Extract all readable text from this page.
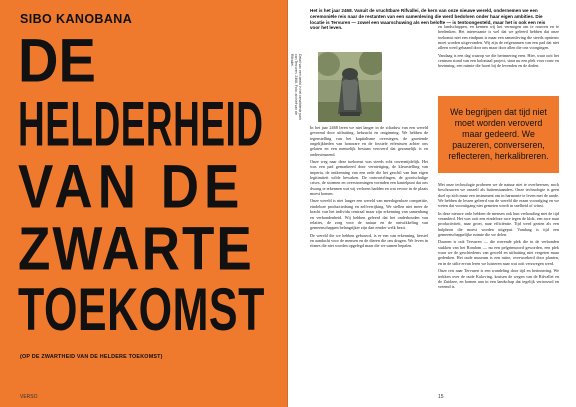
SIBO KANOBANA
DE
HELDERHEID
VAN DE
ZWARTE
TOEKOMST
(OP DE ZWARTHEID VAN DE HELDERE TOEKOMST)
VERSO
Het is het jaar 2468. Vanuit de vruchtbare Rifvallei, de kern van onze nieuwe wereld, ondernemen we een ceremoniële reis naar de restanten van een samenleving die werd bedolven onder haar eigen ambities. Die locatie is Tervuren — zowel een waarschuwing als een belofte — is tentoongesteld, maar het is ook een reis voor het leven.
Detail van een beeld in het verwilderde park van Tervuren, 2468. Foto: archief van de Rifvallei.

In het jaar 2468 leren we niet langer in de schaduw van een wereld gevormd door uitbuiting, hebzucht en ontginning. We hebben de tegenstelling van het kapitalisme overstegen, de groeiende ongelijkheden van honorare en de fossiele erfenissen achter ons gelaten en een menselijk bestaan veroverd dat gezamelijk is en ondersteunend.

Onze weg naar deze toekomst was steeds echt onvermijdelijk. Het was een pad gemarkeerd door vernietiging, de kleurstelling van imperia, de ontkenning van een orde die het geschil van hun eigen legitimiteit wilde bewaken. De ontwortelingen, de grootschalige crises, de stormen en overstromingen vormden een kantelpunt dat ons dwong te erkennen wat wij verloren hadden en wat ervoor in de plaats moest komen.

Onze wereld is niet langer een wereld van meedogenloze competitie, eindeloze productiedrang en zelfverrijking. We stellen niet meer de kracht van het individu centraal maar zijn erkenning van samenhang en verbondenheid. Wij hebben geleerd dat het onderhouden van relaties, de zorg voor de natuur en de ontwikkeling van gemeenschappen belangrijker zijn dan eender welk bezit.

De wereld die we hebben gebouwd, is er een van erkenning, herstel en aandacht voor de mensen en de dieren die ons dragen. We leven in ritmes die niet worden opgelegd maar die we samen bepalen.

en landschappen, en kennen wij het vermogen om te rouwen en te herdenken. Het interessante is wel dat we geleerd hebben dat onze toekomst niet een eindpunt is maar een samenleving die steeds opnieuw moet worden uitgevonden. Wij zijn de erfgenamen van een pad dat niet alleen werd gebaand door ons maar door allen die ons voorgingen.

Vandaag is een dag waarop we die herinnering eren. Hier, waar ooit het centrum stond van een koloniaal project, staat nu een plek voor rouw en bezinning, een ruimte die hoort bij de levenden en de doden.

We begrijpen dat tijd niet moet worden veroverd maar gedeerd. We pauzeren, converseren, reflecteren, herkalibreren.

Met onze technologie proberen we de natuur niet te overheersen, noch beschouwen we onszelf als buitenstaanders. Onze technologie is geen doel op zich maar een instrument om in harmonie te leven met de aarde. We hebben de lessen geleerd van de wereld die eraan voorafging en we weten dat vooruitgang niet gemeten wordt in snelheid of winst.

In deze nieuwe orde hebben de mensen ook hun verhouding met de tijd veranderd. Het was ooit een eindeloze race tegen de klok, een race naar productiviteit, naar groei, naar efficiëntie. Tijd werd gezien als een hulpbron die moest worden uitgeput. Vandaag is tijd een gemeenschappelijke ruimte die we delen.

Daarom is ook Tervuren — die roerende plek die in de verbonden stukken van het Rondom — nu een pelgrimsoord geworden, een plek waar we de geschiedenis van geweld en uitbuiting niet vergeten maar gedenken. Het oude museum is een ruïne, overwoekerd door planten, en in de stilte ervan leren we luisteren naar wat ooit verzwegen werd.

Onze reis naar Tervuren is een wandeling door tijd en herinnering. We trekken over de oude Kala-ring, kruisen de wegen van de Rifvallei en de Zuidzee, en komen aan in een landschap dat tegelijk vertrouwd en vreemd is.

15
